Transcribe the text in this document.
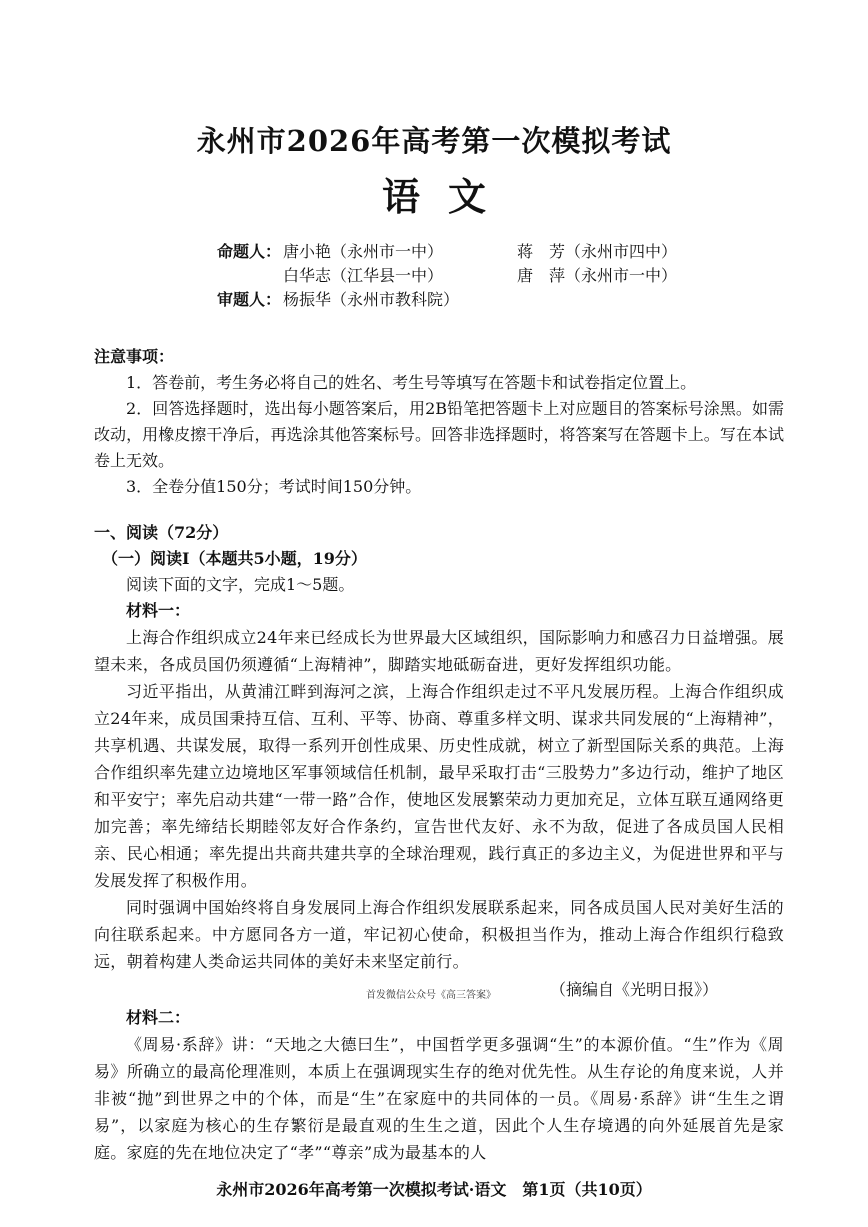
永州市2026年高考第一次模拟考试
语文
命题人： 唐小艳（永州市一中）	蒋　芳（永州市四中）
白华志（江华县一中）	唐　萍（永州市一中）
审题人： 杨振华（永州市教科院）
注意事项：

1．答卷前，考生务必将自己的姓名、考生号等填写在答题卡和试卷指定位置上。

2．回答选择题时，选出每小题答案后，用2B铅笔把答题卡上对应题目的答案标号涂黑。如需改动，用橡皮擦干净后，再选涂其他答案标号。回答非选择题时，将答案写在答题卡上。写在本试卷上无效。

3．全卷分值150分；考试时间150分钟。

一、阅读（72分）

（一）阅读Ⅰ（本题共5小题，19分）

阅读下面的文字，完成1～5题。

材料一：

上海合作组织成立24年来已经成长为世界最大区域组织，国际影响力和感召力日益增强。展望未来，各成员国仍须遵循“上海精神”，脚踏实地砥砺奋进，更好发挥组织功能。

习近平指出，从黄浦江畔到海河之滨，上海合作组织走过不平凡发展历程。上海合作组织成立24年来，成员国秉持互信、互利、平等、协商、尊重多样文明、谋求共同发展的“上海精神”，共享机遇、共谋发展，取得一系列开创性成果、历史性成就，树立了新型国际关系的典范。上海合作组织率先建立边境地区军事领域信任机制，最早采取打击“三股势力”多边行动，维护了地区和平安宁；率先启动共建“一带一路”合作，使地区发展繁荣动力更加充足，立体互联互通网络更加完善；率先缔结长期睦邻友好合作条约，宣告世代友好、永不为敌，促进了各成员国人民相亲、民心相通；率先提出共商共建共享的全球治理观，践行真正的多边主义，为促进世界和平与发展发挥了积极作用。

同时强调中国始终将自身发展同上海合作组织发展联系起来，同各成员国人民对美好生活的向往联系起来。中方愿同各方一道，牢记初心使命，积极担当作为，推动上海合作组织行稳致远，朝着构建人类命运共同体的美好未来坚定前行。

首发微信公众号《高三答案》	（摘编自《光明日报》）

材料二：

《周易·系辞》讲：“天地之大德曰生”，中国哲学更多强调“生”的本源价值。“生”作为《周易》所确立的最高伦理准则，本质上在强调现实生存的绝对优先性。从生存论的角度来说，人并非被“抛”到世界之中的个体，而是“生”在家庭中的共同体的一员。《周易·系辞》讲“生生之谓易”，以家庭为核心的生存繁衍是最直观的生生之道，因此个人生存境遇的向外延展首先是家庭。家庭的先在地位决定了“孝”“尊亲”成为最基本的人

永州市2026年高考第一次模拟考试·语文　第1页（共10页）
